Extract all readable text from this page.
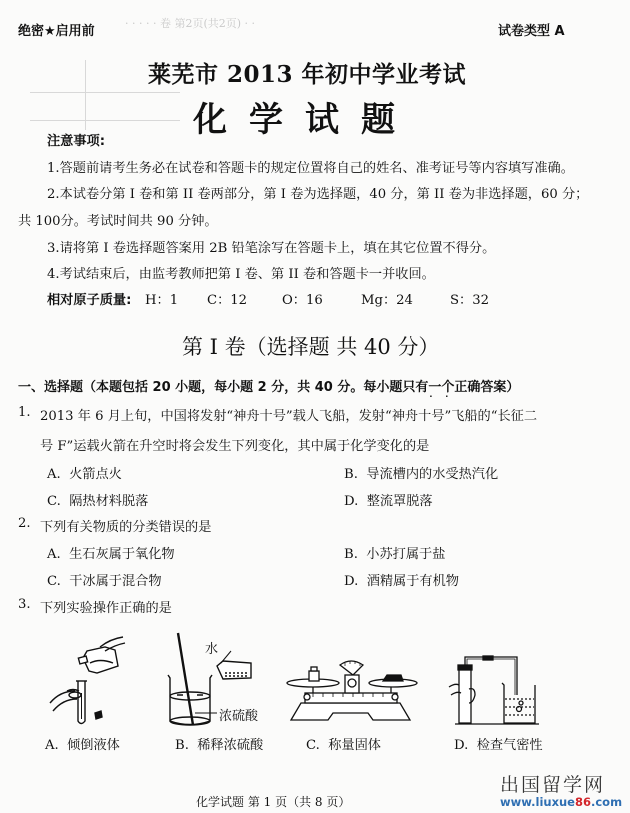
· · · · · 卷 第2页(共2页) · ·
绝密★启用前	试卷类型 A
莱芜市 2013 年初中学业考试
化学试题
注意事项:
1.答题前请考生务必在试卷和答题卡的规定位置将自己的姓名、准考证号等内容填写准确。
2.本试卷分第 I 卷和第 II 卷两部分，第 I 卷为选择题，40 分，第 II 卷为非选择题，60 分；
共 100分。考试时间共 90 分钟。
3.请将第 I 卷选择题答案用 2B 铅笔涂写在答题卡上，填在其它位置不得分。
4.考试结束后，由监考教师把第 I 卷、第 II 卷和答题卡一并收回。
相对原子质量: H：1 C：12	O：16	Mg：24	S：32
第 I 卷（选择题 共 40 分）
一、选择题（本题包括 20 小题，每小题 2 分，共 40 分。每小题只有一个 · ·正确答案）
1. 2013 年 6 月上旬，中国将发射“神舟十号”载人飞船，发射“神舟十号”飞船的“长征二
号 F”运载火箭在升空时将会发生下列变化，其中属于化学变化的是
A. 火箭点火	B. 导流槽内的水受热汽化
C. 隔热材料脱落	D. 整流罩脱落
2. 下列有关物质的分类错误的是
A. 生石灰属于氧化物	B. 小苏打属于盐
C. 干冰属于混合物	D. 酒精属于有机物
3. 下列实验操作正确的是
A. 倾倒液体
水
浓硫酸
B. 稀释浓硫酸	C. 称量固体	D. 检查气密性
化学试题 第 1 页（共 8 页）
出国留学网
www.liuxue86.com
